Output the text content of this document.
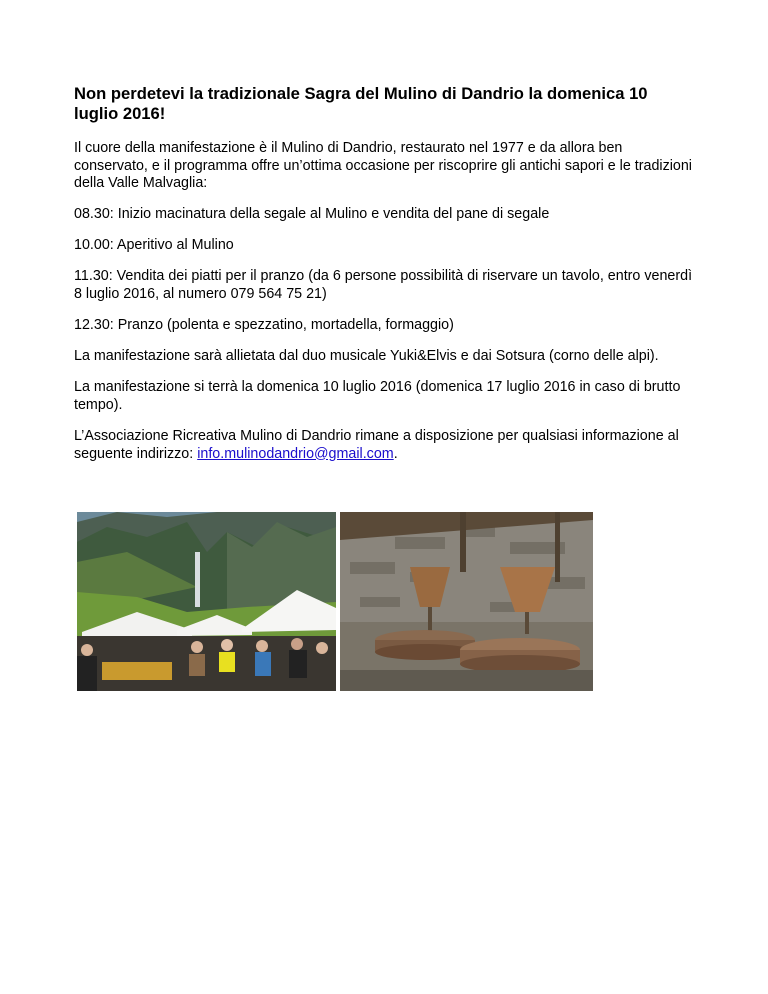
Non perdetevi la tradizionale Sagra del Mulino di Dandrio la domenica 10 luglio 2016!

Il cuore della manifestazione è il Mulino di Dandrio, restaurato nel 1977 e da allora ben conservato, e il programma offre un’ottima occasione per riscoprire gli antichi sapori e le tradizioni della Valle Malvaglia:

08.30: Inizio macinatura della segale al Mulino e vendita del pane di segale

10.00: Aperitivo al Mulino

11.30: Vendita dei piatti per il pranzo (da 6 persone possibilità di riservare un tavolo, entro venerdì 8 luglio 2016, al numero 079 564 75 21)

12.30: Pranzo (polenta e spezzatino, mortadella, formaggio)

La manifestazione sarà allietata dal duo musicale Yuki&Elvis e dai Sotsura (corno delle alpi).

La manifestazione si terrà la domenica 10 luglio 2016 (domenica 17 luglio 2016 in caso di brutto tempo).

L’Associazione Ricreativa Mulino di Dandrio rimane a disposizione per qualsiasi informazione al seguente indirizzo: info.mulinodandrio@gmail.com.
